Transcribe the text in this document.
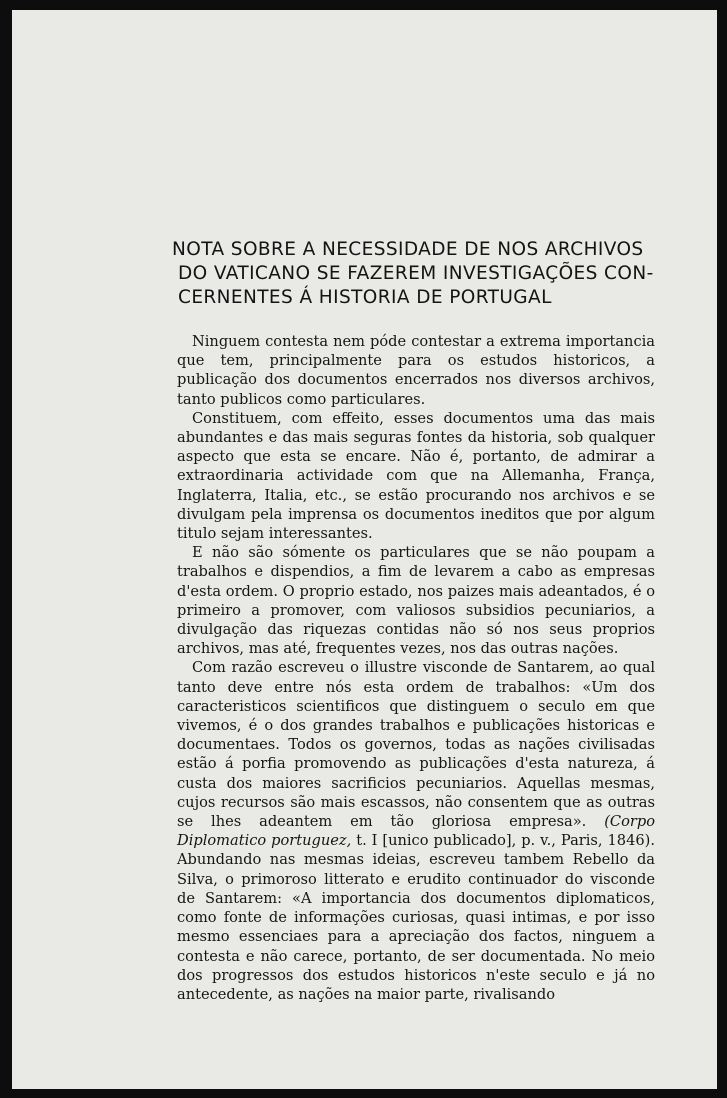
NOTA SOBRE A NECESSIDADE DE NOS ARCHIVOS
DO VATICANO SE FAZEREM INVESTIGAÇÕES CON-
CERNENTES Á HISTORIA DE PORTUGAL

Ninguem contesta nem póde contestar a extrema importancia que tem, principalmente para os estudos historicos, a publicação dos documentos encerrados nos diversos archivos, tanto publicos como particulares.

Constituem, com effeito, esses documentos uma das mais abundantes e das mais seguras fontes da historia, sob qualquer aspecto que esta se encare. Não é, portanto, de admirar a extraordinaria actividade com que na Allemanha, França, Inglaterra, Italia, etc., se estão procurando nos archivos e se divulgam pela imprensa os documentos ineditos que por algum titulo sejam interessantes.

E não são sómente os particulares que se não poupam a trabalhos e dispendios, a fim de levarem a cabo as empresas d'esta ordem. O proprio estado, nos paizes mais adeantados, é o primeiro a promover, com valiosos subsidios pecuniarios, a divulgação das riquezas contidas não só nos seus proprios archivos, mas até, frequentes vezes, nos das outras nações.

Com razão escreveu o illustre visconde de Santarem, ao qual tanto deve entre nós esta ordem de trabalhos: «Um dos caracteristicos scientificos que distinguem o seculo em que vivemos, é o dos grandes trabalhos e publicações historicas e documentaes. Todos os governos, todas as nações civilisadas estão á porfia promovendo as publicações d'esta natureza, á custa dos maiores sacrificios pecuniarios. Aquellas mesmas, cujos recursos são mais escassos, não consentem que as outras se lhes adeantem em tão gloriosa empresa». (Corpo Diplomatico portuguez, t. I [unico publicado], p. v., Paris, 1846). Abundando nas mesmas ideias, escreveu tambem Rebello da Silva, o primoroso litterato e erudito continuador do visconde de Santarem: «A importancia dos documentos diplomaticos, como fonte de informações curiosas, quasi intimas, e por isso mesmo essenciaes para a apreciação dos factos, ninguem a contesta e não carece, portanto, de ser documentada. No meio dos progressos dos estudos historicos n'este seculo e já no antecedente, as nações na maior parte, rivalisando
